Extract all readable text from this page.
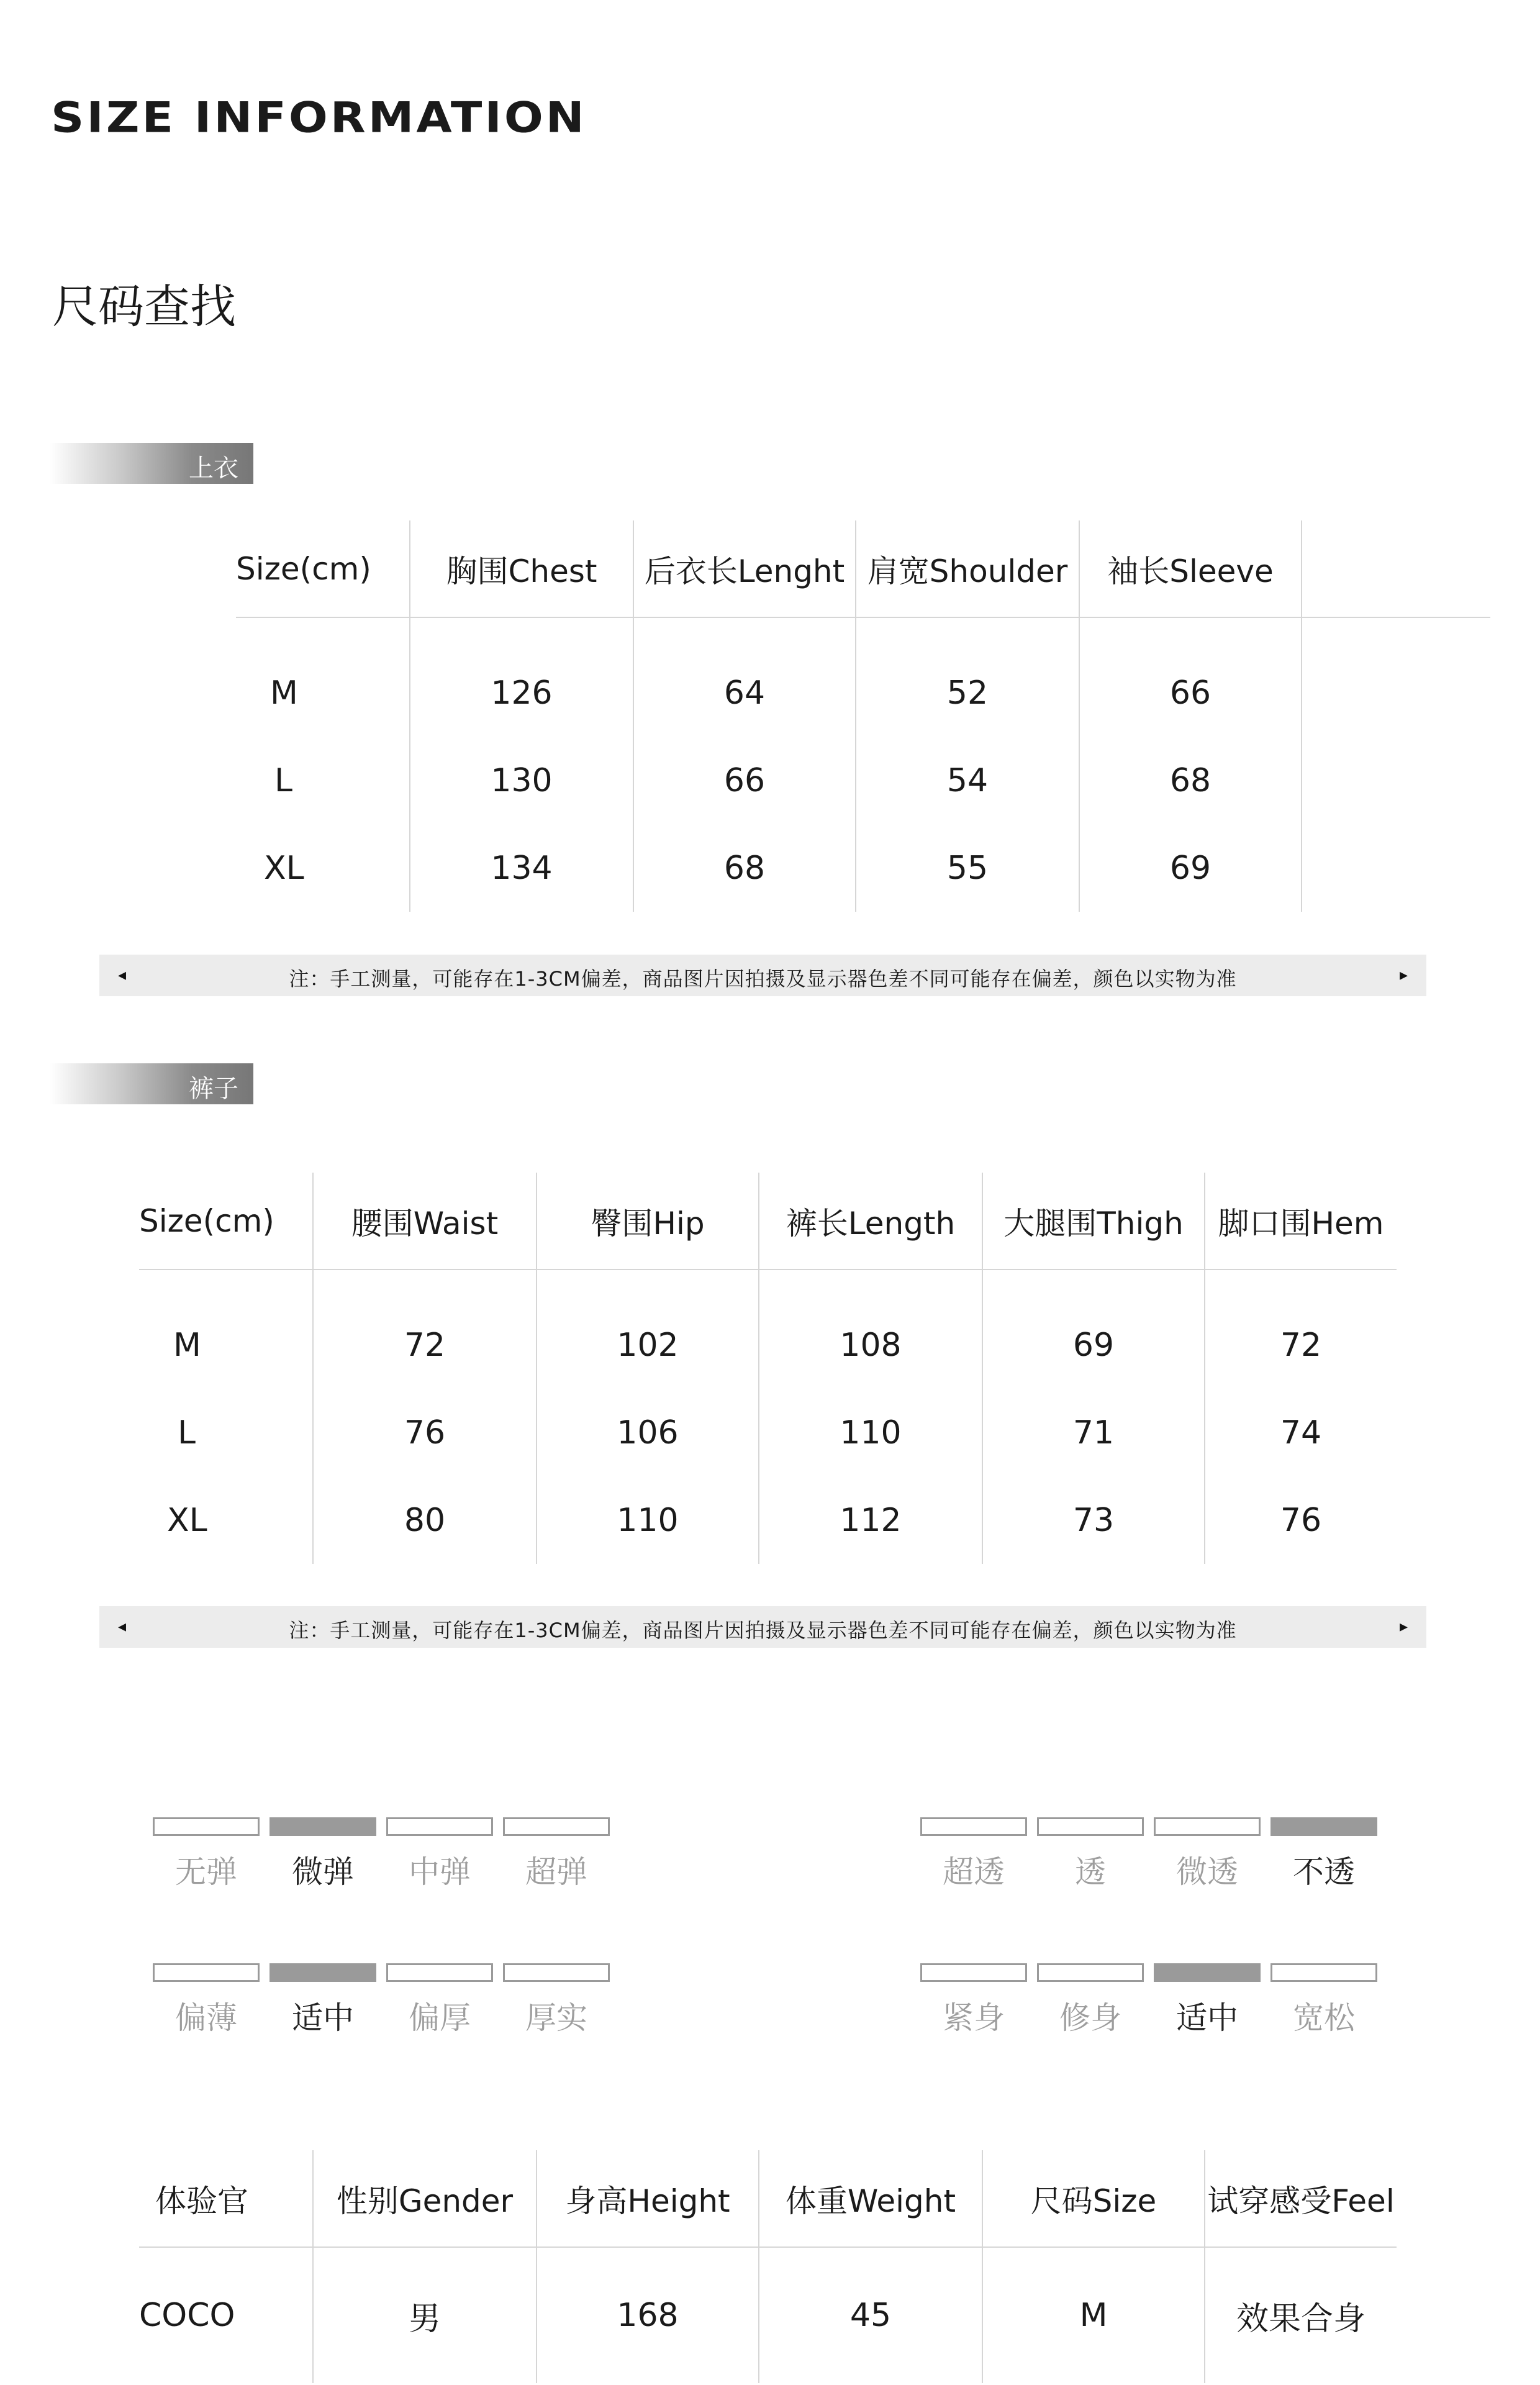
SIZE INFORMATION
尺码查找
上衣
Size(cm)	胸围Chest	后衣长Lenght	肩宽Shoulder	袖长Sleeve	

M	126	64	52	66	
L	130	66	54	68	
XL	134	68	55	69	
◂	注：手工测量，可能存在1-3CM偏差，商品图片因拍摄及显示器色差不同可能存在偏差，颜色以实物为准	▸
裤子
Size(cm)	腰围Waist	臀围Hip	裤长Length	大腿围Thigh	脚口围Hem

M	72	102	108	69	72
L	76	106	110	71	74
XL	80	110	112	73	76
◂	注：手工测量，可能存在1-3CM偏差，商品图片因拍摄及显示器色差不同可能存在偏差，颜色以实物为准	▸
无弹	微弹	中弹	超弹	超透	透	微透	不透
偏薄	适中	偏厚	厚实	紧身	修身	适中	宽松
体验官	性别Gender	身高Height	体重Weight	尺码Size	试穿感受Feel
COCO	男	168	45	M	效果合身
